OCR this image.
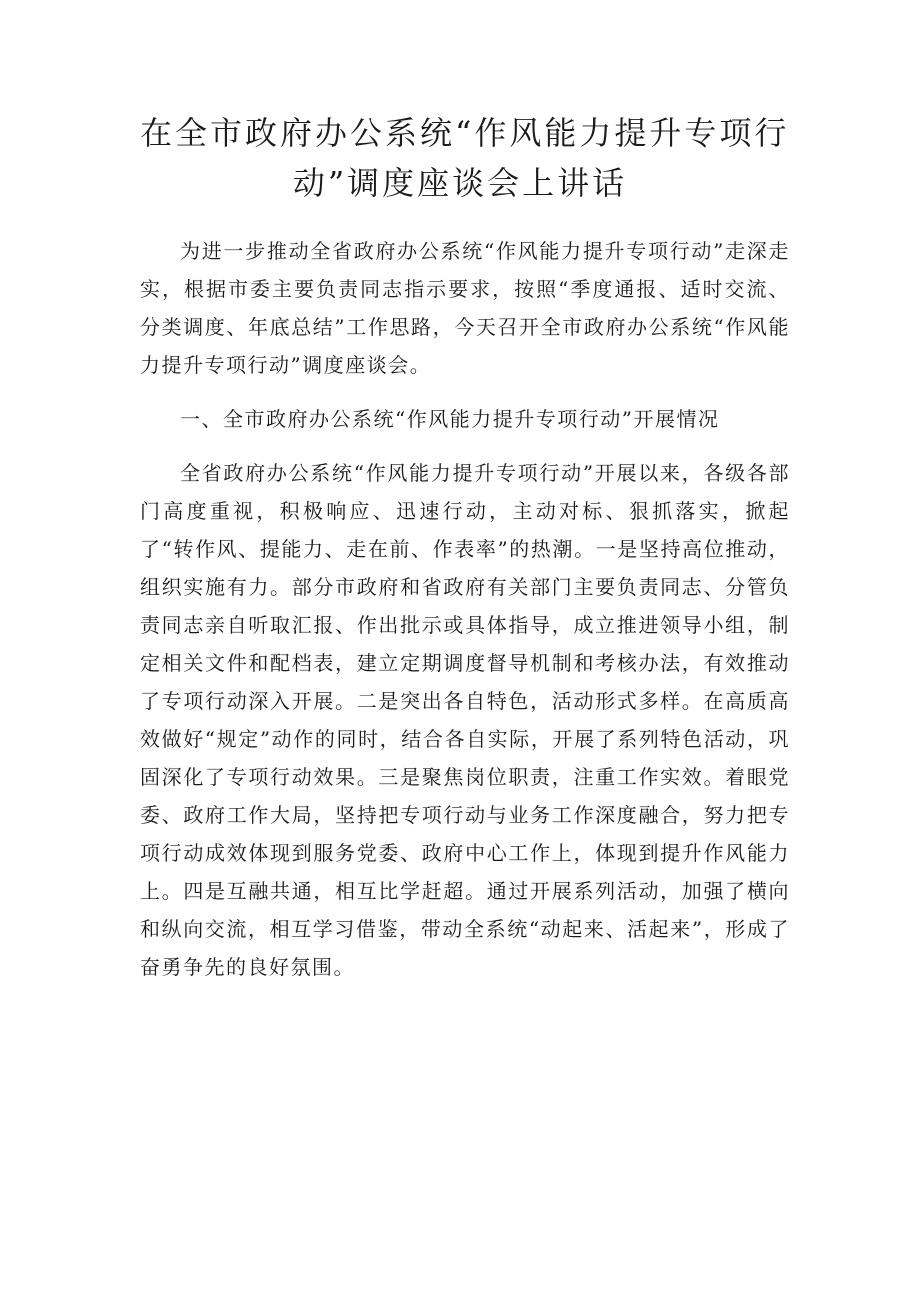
在全市政府办公系统“作风能力提升专项行
动”调度座谈会上讲话

为进一步推动全省政府办公系统“作风能力提升专项行动”走深走实，根据市委主要负责同志指示要求，按照“季度通报、适时交流、分类调度、年底总结”工作思路，今天召开全市政府办公系统“作风能力提升专项行动”调度座谈会。

一、全市政府办公系统“作风能力提升专项行动”开展情况

全省政府办公系统“作风能力提升专项行动”开展以来，各级各部门高度重视，积极响应、迅速行动，主动对标、狠抓落实，掀起了“转作风、提能力、走在前、作表率”的热潮。一是坚持高位推动，组织实施有力。部分市政府和省政府有关部门主要负责同志、分管负责同志亲自听取汇报、作出批示或具体指导，成立推进领导小组，制定相关文件和配档表，建立定期调度督导机制和考核办法，有效推动了专项行动深入开展。二是突出各自特色，活动形式多样。在高质高效做好“规定”动作的同时，结合各自实际，开展了系列特色活动，巩固深化了专项行动效果。三是聚焦岗位职责，注重工作实效。着眼党委、政府工作大局，坚持把专项行动与业务工作深度融合，努力把专项行动成效体现到服务党委、政府中心工作上，体现到提升作风能力上。四是互融共通，相互比学赶超。通过开展系列活动，加强了横向和纵向交流，相互学习借鉴，带动全系统“动起来、活起来”，形成了奋勇争先的良好氛围。
